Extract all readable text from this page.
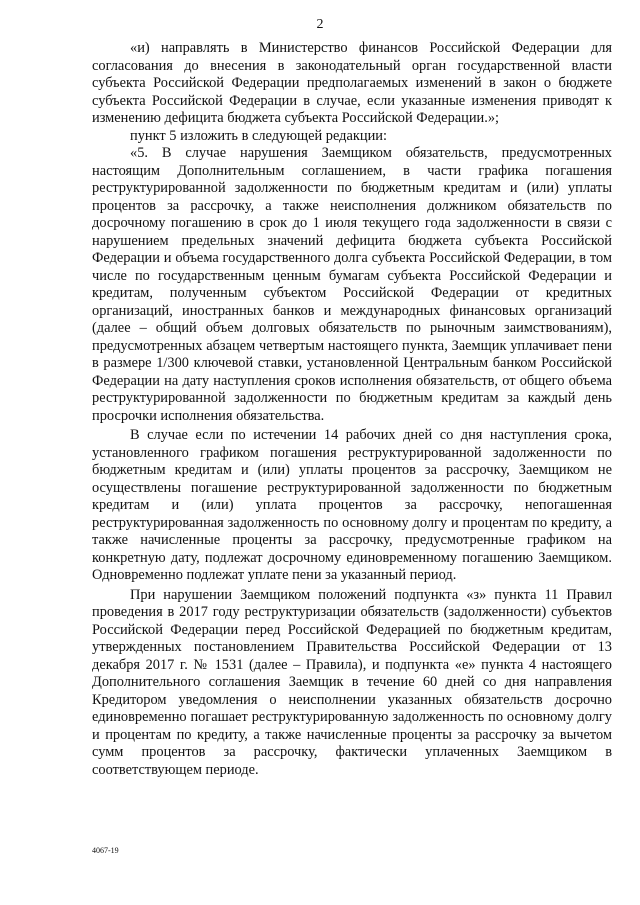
2

«и) направлять в Министерство финансов Российской Федерации для согласования до внесения в законодательный орган государственной власти субъекта Российской Федерации предполагаемых изменений в закон о бюджете субъекта Российской Федерации в случае, если указанные изменения приводят к изменению дефицита бюджета субъекта Российской Федерации.»;

пункт 5 изложить в следующей редакции:

«5. В случае нарушения Заемщиком обязательств, предусмотренных настоящим Дополнительным соглашением, в части графика погашения реструктурированной задолженности по бюджетным кредитам и (или) уплаты процентов за рассрочку, а также неисполнения должником обязательств по досрочному погашению в срок до 1 июля текущего года задолженности в связи с нарушением предельных значений дефицита бюджета субъекта Российской Федерации и объема государственного долга субъекта Российской Федерации, в том числе по государственным ценным бумагам субъекта Российской Федерации и кредитам, полученным субъектом Российской Федерации от кредитных организаций, иностранных банков и международных финансовых организаций (далее – общий объем долговых обязательств по рыночным заимствованиям), предусмотренных абзацем четвертым настоящего пункта, Заемщик уплачивает пени в размере 1/300 ключевой ставки, установленной Центральным банком Российской Федерации на дату наступления сроков исполнения обязательств, от общего объема реструктурированной задолженности по бюджетным кредитам за каждый день просрочки исполнения обязательства.

В случае если по истечении 14 рабочих дней со дня наступления срока, установленного графиком погашения реструктурированной задолженности по бюджетным кредитам и (или) уплаты процентов за рассрочку, Заемщиком не осуществлены погашение реструктурированной задолженности по бюджетным кредитам и (или) уплата процентов за рассрочку, непогашенная реструктурированная задолженность по основному долгу и процентам по кредиту, а также начисленные проценты за рассрочку, предусмотренные графиком на конкретную дату, подлежат досрочному единовременному погашению Заемщиком. Одновременно подлежат уплате пени за указанный период.

При нарушении Заемщиком положений подпункта «з» пункта 11 Правил проведения в 2017 году реструктуризации обязательств (задолженности) субъектов Российской Федерации перед Российской Федерацией по бюджетным кредитам, утвержденных постановлением Правительства Российской Федерации от 13 декабря 2017 г. № 1531 (далее – Правила), и подпункта «е» пункта 4 настоящего Дополнительного соглашения Заемщик в течение 60 дней со дня направления Кредитором уведомления о неисполнении указанных обязательств досрочно единовременно погашает реструктурированную задолженность по основному долгу и процентам по кредиту, а также начисленные проценты за рассрочку за вычетом сумм процентов за рассрочку, фактически уплаченных Заемщиком в соответствующем периоде.

4067-19
